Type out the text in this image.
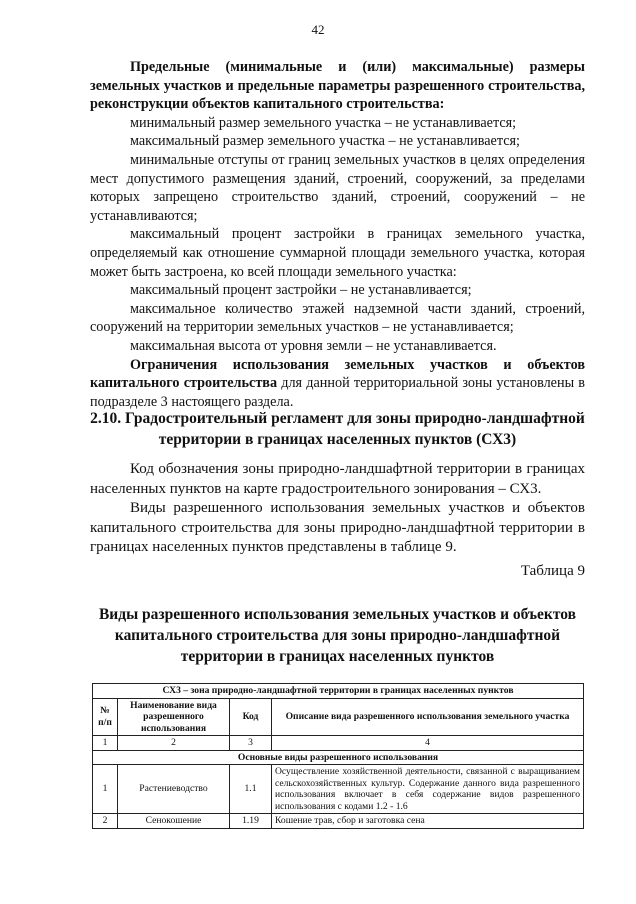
42

Предельные (минимальные и (или) максимальные) размеры земельных участков и предельные параметры разрешенного строительства, реконструкции объектов капитального строительства:

минимальный размер земельного участка – не устанавливается;

максимальный размер земельного участка – не устанавливается;

минимальные отступы от границ земельных участков в целях определения мест допустимого размещения зданий, строений, сооружений, за пределами которых запрещено строительство зданий, строений, сооружений – не устанавливаются;

максимальный процент застройки в границах земельного участка, определяемый как отношение суммарной площади земельного участка, которая может быть застроена, ко всей площади земельного участка:

максимальный процент застройки – не устанавливается;

максимальное количество этажей надземной части зданий, строений, сооружений на территории земельных участков – не устанавливается;

максимальная высота от уровня земли – не устанавливается.

Ограничения использования земельных участков и объектов капитального строительства для данной территориальной зоны установлены в подразделе 3 настоящего раздела.

2.10. Градостроительный регламент для зоны природно-ландшафтной территории в границах населенных пунктов (СХ3)

Код обозначения зоны природно-ландшафтной территории в границах населенных пунктов на карте градостроительного зонирования – СХ3.

Виды разрешенного использования земельных участков и объектов капитального строительства для зоны природно-ландшафтной территории в границах населенных пунктов представлены в таблице 9.

Таблица 9
Виды разрешенного использования земельных участков и объектов капитального строительства для зоны природно-ландшафтной территории в границах населенных пунктов
СХ3 – зона природно-ландшафтной территории в границах населенных пунктов			
№ п/п	Наименование вида разрешенного использования	Код	Описание вида разрешенного использования земельного участка
1	2	3	4
Основные виды разрешенного использования			
1	Растениеводство	1.1	Осуществление хозяйственной деятельности, связанной с выращиванием сельскохозяйственных культур. Содержание данного вида разрешенного использования включает в себя содержание видов разрешенного использования с кодами 1.2 - 1.6
2	Сенокошение	1.19	Кошение трав, сбор и заготовка сена
